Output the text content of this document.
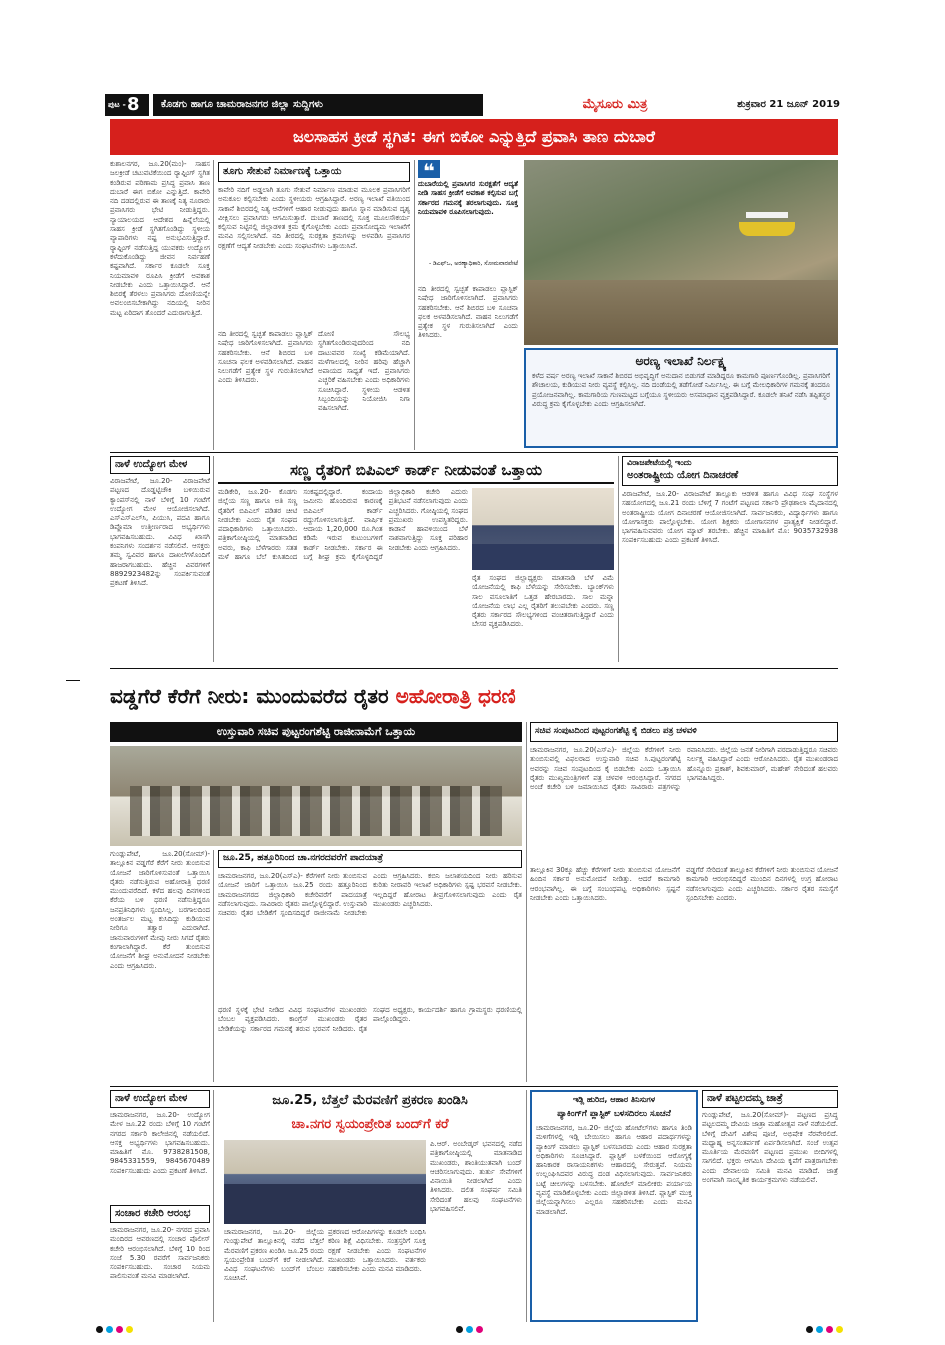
ಪುಟ - 8	ಕೊಡಗು ಹಾಗೂ ಚಾಮರಾಜನಗರ ಜಿಲ್ಲಾ ಸುದ್ದಿಗಳು	ಮೈಸೂರು ಮಿತ್ರ	ಶುಕ್ರವಾರ 21 ಜೂನ್ 2019
ಜಲಸಾಹಸ ಕ್ರೀಡೆ ಸ್ಥಗಿತ: ಈಗ ಬಿಕೋ ಎನ್ನುತ್ತಿದೆ ಪ್ರವಾಸಿ ತಾಣ ದುಬಾರೆ
ಕುಶಾಲನಗರ, ಜೂ.20(ಮಂ)- ಸಾಹಸ ಜಲಕ್ರೀಡೆ ಚಟುವಟಿಕೆಯಿಂದ ರ್‍ಯಾಫ್ಟಿಂಗ್ ಸ್ಥಗಿತ ಕಂಡಿರುವ ಪರಿಣಾಮ ಪ್ರಸಿದ್ಧ ಪ್ರವಾಸಿ ತಾಣ ದುಬಾರೆ ಈಗ ಬಿಕೋ ಎನ್ನುತ್ತಿದೆ. ಕಾವೇರಿ ನದಿ ದಡದಲ್ಲಿರುವ ಈ ತಾಣಕ್ಕೆ ನಿತ್ಯ ನೂರಾರು ಪ್ರವಾಸಿಗರು ಭೇಟಿ ನೀಡುತ್ತಿದ್ದರು. ನ್ಯಾಯಾಲಯದ ಆದೇಶದ ಹಿನ್ನೆಲೆಯಲ್ಲಿ ಸಾಹಸ ಕ್ರೀಡೆ ಸ್ಥಗಿತಗೊಂಡಿದ್ದು ಸ್ಥಳೀಯ ವ್ಯಾಪಾರಿಗಳು ನಷ್ಟ ಅನುಭವಿಸುತ್ತಿದ್ದಾರೆ. ರ್‍ಯಾಫ್ಟಿಂಗ್ ನಡೆಸುತ್ತಿದ್ದ ಯುವಕರು ಉದ್ಯೋಗ ಕಳೆದುಕೊಂಡಿದ್ದು ಜೀವನ ನಿರ್ವಹಣೆ ಕಷ್ಟವಾಗಿದೆ. ಸರ್ಕಾರ ಕೂಡಲೇ ಸೂಕ್ತ ನಿಯಮಾವಳಿ ರೂಪಿಸಿ ಕ್ರೀಡೆಗೆ ಅವಕಾಶ ನೀಡಬೇಕು ಎಂದು ಒತ್ತಾಯಿಸಿದ್ದಾರೆ. ಆನೆ ಶಿಬಿರಕ್ಕೆ ತೆರಳಲು ಪ್ರವಾಸಿಗರು ದೋಣಿಯನ್ನೇ ಅವಲಂಬಿಸಬೇಕಾಗಿದ್ದು ನದಿಯಲ್ಲಿ ನೀರಿನ ಮಟ್ಟ ಏರಿದಾಗ ತೊಂದರೆ ಎದುರಾಗುತ್ತಿದೆ.
ತೂಗು ಸೇತುವೆ ನಿರ್ಮಾಣಕ್ಕೆ ಒತ್ತಾಯ
ಕಾವೇರಿ ನದಿಗೆ ಅಡ್ಡಲಾಗಿ ತೂಗು ಸೇತುವೆ ನಿರ್ಮಾಣ ಮಾಡುವ ಮೂಲಕ ಪ್ರವಾಸಿಗರಿಗೆ ಅನುಕೂಲ ಕಲ್ಪಿಸಬೇಕು ಎಂದು ಸ್ಥಳೀಯರು ಆಗ್ರಹಿಸಿದ್ದಾರೆ. ಅರಣ್ಯ ಇಲಾಖೆ ವತಿಯಿಂದ ಸಾಕಾನೆ ಶಿಬಿರದಲ್ಲಿ ನಿತ್ಯ ಆನೆಗಳಿಗೆ ಆಹಾರ ನೀಡುವುದು ಹಾಗೂ ಸ್ನಾನ ಮಾಡಿಸುವ ದೃಶ್ಯ ವೀಕ್ಷಿಸಲು ಪ್ರವಾಸಿಗರು ಆಗಮಿಸುತ್ತಾರೆ. ದುಬಾರೆ ತಾಣದಲ್ಲಿ ಸೂಕ್ತ ಮೂಲಸೌಕರ್ಯ ಕಲ್ಪಿಸುವ ನಿಟ್ಟಿನಲ್ಲಿ ಜಿಲ್ಲಾಡಳಿತ ಕ್ರಮ ಕೈಗೊಳ್ಳಬೇಕು ಎಂದು ಪ್ರವಾಸೋದ್ಯಮ ಇಲಾಖೆಗೆ ಮನವಿ ಸಲ್ಲಿಸಲಾಗಿದೆ. ನದಿ ತೀರದಲ್ಲಿ ಸುರಕ್ಷತಾ ಕ್ರಮಗಳನ್ನು ಅಳವಡಿಸಿ ಪ್ರವಾಸಿಗರ ರಕ್ಷಣೆಗೆ ಆದ್ಯತೆ ನೀಡಬೇಕು ಎಂದು ಸಂಘಟನೆಗಳು ಒತ್ತಾಯಿಸಿವೆ.
ನದಿ ತೀರದಲ್ಲಿ ಸ್ವಚ್ಛತೆ ಕಾಪಾಡಲು ಪ್ಲಾಸ್ಟಿಕ್ ನಿಷೇಧ ಜಾರಿಗೊಳಿಸಲಾಗಿದೆ. ಪ್ರವಾಸಿಗರು ಸಹಕರಿಸಬೇಕು. ಆನೆ ಶಿಬಿರದ ಬಳಿ ಸೂಚನಾ ಫಲಕ ಅಳವಡಿಸಲಾಗಿದೆ. ವಾಹನ ನಿಲುಗಡೆಗೆ ಪ್ರತ್ಯೇಕ ಸ್ಥಳ ಗುರುತಿಸಲಾಗಿದೆ ಎಂದು ತಿಳಿಸಿದರು.
ದೋಣಿ ಸೌಲಭ್ಯ ಸ್ಥಗಿತಗೊಂಡಿರುವುದರಿಂದ ನದಿ ದಾಟುವವರ ಸಂಖ್ಯೆ ಕಡಿಮೆಯಾಗಿದೆ. ಮಳೆಗಾಲದಲ್ಲಿ ನೀರಿನ ಹರಿವು ಹೆಚ್ಚಾಗಿ ಅಪಾಯದ ಸಾಧ್ಯತೆ ಇದೆ. ಪ್ರವಾಸಿಗರು ಎಚ್ಚರಿಕೆ ವಹಿಸಬೇಕು ಎಂದು ಅಧಿಕಾರಿಗಳು ಸೂಚಿಸಿದ್ದಾರೆ. ಸ್ಥಳೀಯ ಆಡಳಿತ ಸಿಬ್ಬಂದಿಯನ್ನು ನಿಯೋಜಿಸಿ ನಿಗಾ ವಹಿಸಲಾಗಿದೆ.
❝
ದುಬಾರೆಯಲ್ಲಿ ಪ್ರವಾಸಿಗರ ಸುರಕ್ಷತೆಗೆ ಆದ್ಯತೆ ನೀಡಿ ಸಾಹಸ ಕ್ರೀಡೆಗೆ ಅವಕಾಶ ಕಲ್ಪಿಸುವ ಬಗ್ಗೆ ಸರ್ಕಾರದ ಗಮನಕ್ಕೆ ತರಲಾಗುವುದು. ಸೂಕ್ತ ನಿಯಮಾವಳಿ ರೂಪಿಸಲಾಗುವುದು.
- ಡಿಎಫ್‌ಒ, ಅರಣ್ಯಾಧಿಕಾರಿ, ಸೋಮವಾರಪೇಟೆ
ನದಿ ತೀರದಲ್ಲಿ ಸ್ವಚ್ಛತೆ ಕಾಪಾಡಲು ಪ್ಲಾಸ್ಟಿಕ್ ನಿಷೇಧ ಜಾರಿಗೊಳಿಸಲಾಗಿದೆ. ಪ್ರವಾಸಿಗರು ಸಹಕರಿಸಬೇಕು. ಆನೆ ಶಿಬಿರದ ಬಳಿ ಸೂಚನಾ ಫಲಕ ಅಳವಡಿಸಲಾಗಿದೆ. ವಾಹನ ನಿಲುಗಡೆಗೆ ಪ್ರತ್ಯೇಕ ಸ್ಥಳ ಗುರುತಿಸಲಾಗಿದೆ ಎಂದು ತಿಳಿಸಿದರು.
ಅರಣ್ಯ ಇಲಾಖೆ ನಿರ್ಲಕ್ಷ್ಯ
ಕಳೆದ ವರ್ಷ ಅರಣ್ಯ ಇಲಾಖೆ ಸಾಕಾನೆ ಶಿಬಿರದ ಅಭಿವೃದ್ಧಿಗೆ ಅನುದಾನ ಬಿಡುಗಡೆ ಮಾಡಿದ್ದರೂ ಕಾಮಗಾರಿ ಪೂರ್ಣಗೊಂಡಿಲ್ಲ. ಪ್ರವಾಸಿಗರಿಗೆ ಶೌಚಾಲಯ, ಕುಡಿಯುವ ನೀರು ವ್ಯವಸ್ಥೆ ಕಲ್ಪಿಸಿಲ್ಲ. ನದಿ ದಂಡೆಯಲ್ಲಿ ತಡೆಗೋಡೆ ನಿರ್ಮಿಸಿಲ್ಲ. ಈ ಬಗ್ಗೆ ಮೇಲಧಿಕಾರಿಗಳ ಗಮನಕ್ಕೆ ತಂದರೂ ಪ್ರಯೋಜನವಾಗಿಲ್ಲ. ಕಾಮಗಾರಿಯ ಗುಣಮಟ್ಟದ ಬಗ್ಗೆಯೂ ಸ್ಥಳೀಯರು ಅಸಮಾಧಾನ ವ್ಯಕ್ತಪಡಿಸಿದ್ದಾರೆ. ಕೂಡಲೇ ತನಿಖೆ ನಡೆಸಿ ತಪ್ಪಿತಸ್ಥರ ವಿರುದ್ಧ ಕ್ರಮ ಕೈಗೊಳ್ಳಬೇಕು ಎಂದು ಆಗ್ರಹಿಸಲಾಗಿದೆ.
ನಾಳೆ ಉದ್ಯೋಗ ಮೇಳ
ವಿರಾಜಪೇಟೆ, ಜೂ.20- ವಿರಾಜಪೇಟೆ ಪಟ್ಟಣದ ದೊಡ್ಡಟ್ಟಿಚೌಕಿ ಬಳಿಯಿರುವ ಕ್ಯಾಂಪಸ್‌ನಲ್ಲಿ ನಾಳೆ ಬೆಳಿಗ್ಗೆ 10 ಗಂಟೆಗೆ ಉದ್ಯೋಗ ಮೇಳ ಆಯೋಜಿಸಲಾಗಿದೆ. ಎಸ್‌ಎಸ್‌ಎಲ್‌ಸಿ, ಪಿಯುಸಿ, ಪದವಿ ಹಾಗೂ ಡಿಪ್ಲೊಮಾ ಉತ್ತೀರ್ಣರಾದ ಅಭ್ಯರ್ಥಿಗಳು ಭಾಗವಹಿಸಬಹುದು. ವಿವಿಧ ಖಾಸಗಿ ಕಂಪನಿಗಳು ಸಂದರ್ಶನ ನಡೆಸಲಿವೆ. ಆಸಕ್ತರು ತಮ್ಮ ಸ್ವವಿವರ ಹಾಗೂ ದಾಖಲೆಗಳೊಂದಿಗೆ ಹಾಜರಾಗಬಹುದು. ಹೆಚ್ಚಿನ ವಿವರಗಳಿಗೆ 8892923482ನ್ನು ಸಂಪರ್ಕಿಸುವಂತೆ ಪ್ರಕಟಣೆ ತಿಳಿಸಿದೆ.
ಸಣ್ಣ ರೈತರಿಗೆ ಬಿಪಿಎಲ್ ಕಾರ್ಡ್ ನೀಡುವಂತೆ ಒತ್ತಾಯ
ಮಡಿಕೇರಿ, ಜೂ.20- ಕೊಡಗು ಜಿಲ್ಲೆಯ ಸಣ್ಣ ಹಾಗೂ ಅತಿ ಸಣ್ಣ ರೈತರಿಗೆ ಬಿಪಿಎಲ್ ಪಡಿತರ ಚೀಟಿ ನೀಡಬೇಕು ಎಂದು ರೈತ ಸಂಘದ ಪದಾಧಿಕಾರಿಗಳು ಒತ್ತಾಯಿಸಿದರು. ಪತ್ರಿಕಾಗೋಷ್ಠಿಯಲ್ಲಿ ಮಾತನಾಡಿದ ಅವರು, ಕಾಫಿ ಬೆಳೆಗಾರರು ಸತತ ಮಳೆ ಹಾಗೂ ಬೆಲೆ ಕುಸಿತದಿಂದ ಸಂಕಷ್ಟದಲ್ಲಿದ್ದಾರೆ. ಕಂದಾಯ ಜಮೀನು ಹೊಂದಿರುವ ಕಾರಣಕ್ಕೆ ಬಿಪಿಎಲ್ ಕಾರ್ಡ್ ರದ್ದುಗೊಳಿಸಲಾಗುತ್ತಿದೆ. ವಾರ್ಷಿಕ ಆದಾಯ 1,20,000 ರೂ.ಗಿಂತ ಕಡಿಮೆ ಇರುವ ಕುಟುಂಬಗಳಿಗೆ ಕಾರ್ಡ್ ನೀಡಬೇಕು. ಸರ್ಕಾರ ಈ ಬಗ್ಗೆ ಶೀಘ್ರ ಕ್ರಮ ಕೈಗೊಳ್ಳದಿದ್ದರೆ ಜಿಲ್ಲಾಧಿಕಾರಿ ಕಚೇರಿ ಎದುರು ಪ್ರತಿಭಟನೆ ನಡೆಸಲಾಗುವುದು ಎಂದು ಎಚ್ಚರಿಸಿದರು. ಗೋಷ್ಠಿಯಲ್ಲಿ ಸಂಘದ ಪ್ರಮುಖರು ಉಪಸ್ಥಿತರಿದ್ದರು. ಕಾಡಾನೆ ಹಾವಳಿಯಿಂದ ಬೆಳೆ ನಾಶವಾಗುತ್ತಿದ್ದು ಸೂಕ್ತ ಪರಿಹಾರ ನೀಡಬೇಕು ಎಂದು ಆಗ್ರಹಿಸಿದರು.
ರೈತ ಸಂಘದ ಜಿಲ್ಲಾಧ್ಯಕ್ಷರು ಮಾತನಾಡಿ ಬೆಳೆ ವಿಮೆ ಯೋಜನೆಯಲ್ಲಿ ಕಾಫಿ ಬೆಳೆಯನ್ನು ಸೇರಿಸಬೇಕು. ಬ್ಯಾಂಕ್‌ಗಳು ಸಾಲ ವಸೂಲಾತಿಗೆ ಒತ್ತಡ ಹೇರಬಾರದು. ಸಾಲ ಮನ್ನಾ ಯೋಜನೆಯ ಲಾಭ ಎಲ್ಲ ರೈತರಿಗೆ ತಲುಪಬೇಕು ಎಂದರು. ಸಣ್ಣ ರೈತರು ಸರ್ಕಾರದ ಸೌಲಭ್ಯಗಳಿಂದ ವಂಚಿತರಾಗುತ್ತಿದ್ದಾರೆ ಎಂದು ಬೇಸರ ವ್ಯಕ್ತಪಡಿಸಿದರು.
ವಿರಾಜಪೇಟೆಯಲ್ಲಿ ಇಂದು
ಅಂತರಾಷ್ಟ್ರೀಯ ಯೋಗ ದಿನಾಚರಣೆ
ವಿರಾಜಪೇಟೆ, ಜೂ.20- ವಿರಾಜಪೇಟೆ ತಾಲ್ಲೂಕು ಆಡಳಿತ ಹಾಗೂ ವಿವಿಧ ಸಂಘ ಸಂಸ್ಥೆಗಳ ಸಹಯೋಗದಲ್ಲಿ ಜೂ.21 ರಂದು ಬೆಳಿಗ್ಗೆ 7 ಗಂಟೆಗೆ ಪಟ್ಟಣದ ಸರ್ಕಾರಿ ಪ್ರೌಢಶಾಲಾ ಮೈದಾನದಲ್ಲಿ ಅಂತರಾಷ್ಟ್ರೀಯ ಯೋಗ ದಿನಾಚರಣೆ ಆಯೋಜಿಸಲಾಗಿದೆ. ಸಾರ್ವಜನಿಕರು, ವಿದ್ಯಾರ್ಥಿಗಳು ಹಾಗೂ ಯೋಗಾಸಕ್ತರು ಪಾಲ್ಗೊಳ್ಳಬೇಕು. ಯೋಗ ಶಿಕ್ಷಕರು ಯೋಗಾಸನಗಳ ಪ್ರಾತ್ಯಕ್ಷಿಕೆ ನೀಡಲಿದ್ದಾರೆ. ಭಾಗವಹಿಸುವವರು ಯೋಗ ಮ್ಯಾಟ್ ತರಬೇಕು. ಹೆಚ್ಚಿನ ಮಾಹಿತಿಗೆ ಮೊ: 9035732938 ಸಂಪರ್ಕಿಸಬಹುದು ಎಂದು ಪ್ರಕಟಣೆ ತಿಳಿಸಿದೆ.
ವಡ್ಡಗೆರೆ ಕೆರೆಗೆ ನೀರು: ಮುಂದುವರೆದ ರೈತರ ಅಹೋರಾತ್ರಿ ಧರಣಿ
ಉಸ್ತುವಾರಿ ಸಚಿವ ಪುಟ್ಟರಂಗಶೆಟ್ಟಿ ರಾಜೀನಾಮೆಗೆ ಒತ್ತಾಯ
ಗುಂಡ್ಲುಪೇಟೆ, ಜೂ.20(ಸೋಮ್)- ತಾಲ್ಲೂಕಿನ ವಡ್ಡಗೆರೆ ಕೆರೆಗೆ ನೀರು ತುಂಬಿಸುವ ಯೋಜನೆ ಜಾರಿಗೊಳಿಸುವಂತೆ ಒತ್ತಾಯಿಸಿ ರೈತರು ನಡೆಸುತ್ತಿರುವ ಅಹೋರಾತ್ರಿ ಧರಣಿ ಮುಂದುವರೆದಿದೆ. ಕಳೆದ ಹಲವು ದಿನಗಳಿಂದ ಕೆರೆಯ ಬಳಿ ಧರಣಿ ನಡೆಸುತ್ತಿದ್ದರೂ ಜನಪ್ರತಿನಿಧಿಗಳು ಸ್ಪಂದಿಸಿಲ್ಲ. ಬರಗಾಲದಿಂದ ಅಂತರ್ಜಲ ಮಟ್ಟ ಕುಸಿದಿದ್ದು ಕುಡಿಯುವ ನೀರಿಗೂ ತತ್ವಾರ ಎದುರಾಗಿದೆ. ಜಾನುವಾರುಗಳಿಗೆ ಮೇವು ನೀರು ಸಿಗದೆ ರೈತರು ಕಂಗಾಲಾಗಿದ್ದಾರೆ. ಕೆರೆ ತುಂಬಿಸುವ ಯೋಜನೆಗೆ ಶೀಘ್ರ ಅನುಮೋದನೆ ನೀಡಬೇಕು ಎಂದು ಆಗ್ರಹಿಸಿದರು.
ಜೂ.25, ಹತ್ತೂರಿನಿಂದ ಚಾ.ನಗರದವರೆಗೆ ಪಾದಯಾತ್ರೆ
ಚಾಮರಾಜನಗರ, ಜೂ.20(ಎಸ್‌ಎ)- ಕೆರೆಗಳಿಗೆ ನೀರು ತುಂಬಿಸುವ ಯೋಜನೆ ಜಾರಿಗೆ ಒತ್ತಾಯಿಸಿ ಜೂ.25 ರಂದು ಹತ್ತೂರಿನಿಂದ ಚಾಮರಾಜನಗರದ ಜಿಲ್ಲಾಧಿಕಾರಿ ಕಚೇರಿವರೆಗೆ ಪಾದಯಾತ್ರೆ ನಡೆಸಲಾಗುವುದು. ಸಾವಿರಾರು ರೈತರು ಪಾಲ್ಗೊಳ್ಳಲಿದ್ದಾರೆ. ಉಸ್ತುವಾರಿ ಸಚಿವರು ರೈತರ ಬೇಡಿಕೆಗೆ ಸ್ಪಂದಿಸದಿದ್ದರೆ ರಾಜೀನಾಮೆ ನೀಡಬೇಕು ಎಂದು ಆಗ್ರಹಿಸಿದರು. ಕಬಿನಿ ಜಲಾಶಯದಿಂದ ನೀರು ಹರಿಸುವ ಕುರಿತು ನೀರಾವರಿ ಇಲಾಖೆ ಅಧಿಕಾರಿಗಳು ಸ್ಪಷ್ಟ ಭರವಸೆ ನೀಡಬೇಕು. ಇಲ್ಲದಿದ್ದರೆ ಹೋರಾಟ ತೀವ್ರಗೊಳಿಸಲಾಗುವುದು ಎಂದು ರೈತ ಮುಖಂಡರು ಎಚ್ಚರಿಸಿದರು.
ಧರಣಿ ಸ್ಥಳಕ್ಕೆ ಭೇಟಿ ನೀಡಿದ ವಿವಿಧ ಸಂಘಟನೆಗಳ ಮುಖಂಡರು ಬೆಂಬಲ ವ್ಯಕ್ತಪಡಿಸಿದರು. ಕಾಂಗ್ರೆಸ್ ಮುಖಂಡರು ರೈತರ ಬೇಡಿಕೆಯನ್ನು ಸರ್ಕಾರದ ಗಮನಕ್ಕೆ ತರುವ ಭರವಸೆ ನೀಡಿದರು. ರೈತ ಸಂಘದ ಅಧ್ಯಕ್ಷರು, ಕಾರ್ಯದರ್ಶಿ ಹಾಗೂ ಗ್ರಾಮಸ್ಥರು ಧರಣಿಯಲ್ಲಿ ಪಾಲ್ಗೊಂಡಿದ್ದರು.
ಸಚಿವ ಸಂಪುಟದಿಂದ ಪುಟ್ಟರಂಗಶೆಟ್ಟಿ ಕೈ ಬಿಡಲು ಪತ್ರ ಚಳವಳಿ
ಚಾಮರಾಜನಗರ, ಜೂ.20(ಎಸ್‌ಎ)- ಜಿಲ್ಲೆಯ ಕೆರೆಗಳಿಗೆ ನೀರು ತುಂಬಿಸುವಲ್ಲಿ ವಿಫಲರಾದ ಉಸ್ತುವಾರಿ ಸಚಿವ ಸಿ.ಪುಟ್ಟರಂಗಶೆಟ್ಟಿ ಅವರನ್ನು ಸಚಿವ ಸಂಪುಟದಿಂದ ಕೈ ಬಿಡಬೇಕು ಎಂದು ಒತ್ತಾಯಿಸಿ ರೈತರು ಮುಖ್ಯಮಂತ್ರಿಗಳಿಗೆ ಪತ್ರ ಚಳವಳಿ ಆರಂಭಿಸಿದ್ದಾರೆ. ನಗರದ ಅಂಚೆ ಕಚೇರಿ ಬಳಿ ಜಮಾಯಿಸಿದ ರೈತರು ಸಾವಿರಾರು ಪತ್ರಗಳನ್ನು ರವಾನಿಸಿದರು. ಜಿಲ್ಲೆಯ ಜನತೆ ನೀರಿಗಾಗಿ ಪರದಾಡುತ್ತಿದ್ದರೂ ಸಚಿವರು ನಿರ್ಲಕ್ಷ್ಯ ವಹಿಸಿದ್ದಾರೆ ಎಂದು ಆರೋಪಿಸಿದರು. ರೈತ ಮುಖಂಡರಾದ ಹೊನ್ನೂರು ಪ್ರಕಾಶ್, ಶಿವಕುಮಾರ್, ಮಹೇಶ್ ಸೇರಿದಂತೆ ಹಲವರು ಭಾಗವಹಿಸಿದ್ದರು.
ತಾಲ್ಲೂಕಿನ 30ಕ್ಕೂ ಹೆಚ್ಚು ಕೆರೆಗಳಿಗೆ ನೀರು ತುಂಬಿಸುವ ಯೋಜನೆಗೆ ಹಿಂದಿನ ಸರ್ಕಾರ ಅನುಮೋದನೆ ನೀಡಿತ್ತು. ಆದರೆ ಕಾಮಗಾರಿ ಆರಂಭವಾಗಿಲ್ಲ. ಈ ಬಗ್ಗೆ ಸಂಬಂಧಪಟ್ಟ ಅಧಿಕಾರಿಗಳು ಸ್ಪಷ್ಟನೆ ನೀಡಬೇಕು ಎಂದು ಒತ್ತಾಯಿಸಿದರು.
ವಡ್ಡಗೆರೆ ಸೇರಿದಂತೆ ತಾಲ್ಲೂಕಿನ ಕೆರೆಗಳಿಗೆ ನೀರು ತುಂಬಿಸುವ ಯೋಜನೆ ಕಾಮಗಾರಿ ಆರಂಭಿಸದಿದ್ದರೆ ಮುಂದಿನ ದಿನಗಳಲ್ಲಿ ಉಗ್ರ ಹೋರಾಟ ನಡೆಸಲಾಗುವುದು ಎಂದು ಎಚ್ಚರಿಸಿದರು. ಸರ್ಕಾರ ರೈತರ ಸಮಸ್ಯೆಗೆ ಸ್ಪಂದಿಸಬೇಕು ಎಂದರು.
ನಾಳೆ ಉದ್ಯೋಗ ಮೇಳ
ಚಾಮರಾಜನಗರ, ಜೂ.20- ಉದ್ಯೋಗ ಮೇಳ ಜೂ.22 ರಂದು ಬೆಳಿಗ್ಗೆ 10 ಗಂಟೆಗೆ ನಗರದ ಸರ್ಕಾರಿ ಕಾಲೇಜಿನಲ್ಲಿ ನಡೆಯಲಿದೆ. ಆಸಕ್ತ ಅಭ್ಯರ್ಥಿಗಳು ಭಾಗವಹಿಸಬಹುದು. ಮಾಹಿತಿಗೆ ಮೊ. 9738281508, 9845331559, 9845670489 ಸಂಪರ್ಕಿಸಬಹುದು ಎಂದು ಪ್ರಕಟಣೆ ತಿಳಿಸಿದೆ.
ಸಂಚಾರ ಕಚೇರಿ ಆರಂಭ
ಚಾಮರಾಜನಗರ, ಜೂ.20- ನಗರದ ಪ್ರವಾಸಿ ಮಂದಿರದ ಆವರಣದಲ್ಲಿ ಸಂಚಾರ ಪೊಲೀಸ್ ಕಚೇರಿ ಆರಂಭಿಸಲಾಗಿದೆ. ಬೆಳಿಗ್ಗೆ 10 ರಿಂದ ಸಂಜೆ 5.30 ರವರೆಗೆ ಸಾರ್ವಜನಿಕರು ಸಂಪರ್ಕಿಸಬಹುದು. ಸಂಚಾರ ನಿಯಮ ಪಾಲಿಸುವಂತೆ ಮನವಿ ಮಾಡಲಾಗಿದೆ.
ಜೂ.25, ಬೆತ್ತಲೆ ಮೆರವಣಿಗೆ ಪ್ರಕರಣ ಖಂಡಿಸಿ
ಚಾ.ನಗರ ಸ್ವಯಂಪ್ರೇರಿತ ಬಂದ್‌ಗೆ ಕರೆ
ಚಾಮರಾಜನಗರ, ಜೂ.20- ಜಿಲ್ಲೆಯ ಗುಂಡ್ಲುಪೇಟೆ ತಾಲ್ಲೂಕಿನಲ್ಲಿ ನಡೆದ ಬೆತ್ತಲೆ ಮೆರವಣಿಗೆ ಪ್ರಕರಣ ಖಂಡಿಸಿ ಜೂ.25 ರಂದು ಸ್ವಯಂಪ್ರೇರಿತ ಬಂದ್‌ಗೆ ಕರೆ ನೀಡಲಾಗಿದೆ. ವಿವಿಧ ಸಂಘಟನೆಗಳು ಬಂದ್‌ಗೆ ಬೆಂಬಲ ಸೂಚಿಸಿವೆ.
ಪ್ರಕರಣದ ಆರೋಪಿಗಳನ್ನು ಕೂಡಲೇ ಬಂಧಿಸಿ ಕಠಿಣ ಶಿಕ್ಷೆ ವಿಧಿಸಬೇಕು. ಸಂತ್ರಸ್ತರಿಗೆ ಸೂಕ್ತ ರಕ್ಷಣೆ ನೀಡಬೇಕು ಎಂದು ಸಂಘಟನೆಗಳ ಮುಖಂಡರು ಒತ್ತಾಯಿಸಿದರು. ವರ್ತಕರು ಸಹಕರಿಸಬೇಕು ಎಂದು ಮನವಿ ಮಾಡಿದರು.
ಪಿ.ಆರ್. ಅಂಬೇಡ್ಕರ್ ಭವನದಲ್ಲಿ ನಡೆದ ಪತ್ರಿಕಾಗೋಷ್ಠಿಯಲ್ಲಿ ಮಾತನಾಡಿದ ಮುಖಂಡರು, ಶಾಂತಿಯುತವಾಗಿ ಬಂದ್ ಆಚರಿಸಲಾಗುವುದು. ತುರ್ತು ಸೇವೆಗಳಿಗೆ ವಿನಾಯಿತಿ ನೀಡಲಾಗಿದೆ ಎಂದು ತಿಳಿಸಿದರು. ದಲಿತ ಸಂಘರ್ಷ ಸಮಿತಿ ಸೇರಿದಂತೆ ಹಲವು ಸಂಘಟನೆಗಳು ಭಾಗವಹಿಸಲಿವೆ.
ಇಡ್ಲಿ ಹುರಿದ, ಆಹಾರ ತಿನಿಸುಗಳ
ಪ್ಯಾಕಿಂಗ್‌ಗೆ ಪ್ಲಾಸ್ಟಿಕ್ ಬಳಸದಿರಲು ಸೂಚನೆ
ಚಾಮರಾಜನಗರ, ಜೂ.20- ಜಿಲ್ಲೆಯ ಹೋಟೆಲ್‌ಗಳು ಹಾಗೂ ತಿಂಡಿ ಮಳಿಗೆಗಳಲ್ಲಿ ಇಡ್ಲಿ ಬೇಯಿಸಲು ಹಾಗೂ ಆಹಾರ ಪದಾರ್ಥಗಳನ್ನು ಪ್ಯಾಕಿಂಗ್ ಮಾಡಲು ಪ್ಲಾಸ್ಟಿಕ್ ಬಳಸಬಾರದು ಎಂದು ಆಹಾರ ಸುರಕ್ಷತಾ ಅಧಿಕಾರಿಗಳು ಸೂಚಿಸಿದ್ದಾರೆ. ಪ್ಲಾಸ್ಟಿಕ್ ಬಳಕೆಯಿಂದ ಆರೋಗ್ಯಕ್ಕೆ ಹಾನಿಕಾರಕ ರಾಸಾಯನಿಕಗಳು ಆಹಾರದಲ್ಲಿ ಸೇರುತ್ತವೆ. ನಿಯಮ ಉಲ್ಲಂಘಿಸಿದವರ ವಿರುದ್ಧ ದಂಡ ವಿಧಿಸಲಾಗುವುದು. ಸಾರ್ವಜನಿಕರು ಬಟ್ಟೆ ಚೀಲಗಳನ್ನು ಬಳಸಬೇಕು. ಹೋಟೆಲ್ ಮಾಲೀಕರು ಪರ್ಯಾಯ ವ್ಯವಸ್ಥೆ ಮಾಡಿಕೊಳ್ಳಬೇಕು ಎಂದು ಜಿಲ್ಲಾಡಳಿತ ತಿಳಿಸಿದೆ. ಪ್ಲಾಸ್ಟಿಕ್ ಮುಕ್ತ ಜಿಲ್ಲೆಯನ್ನಾಗಿಸಲು ಎಲ್ಲರೂ ಸಹಕರಿಸಬೇಕು ಎಂದು ಮನವಿ ಮಾಡಲಾಗಿದೆ.
ನಾಳೆ ಪಟ್ಟಲದಮ್ಮ ಜಾತ್ರೆ
ಗುಂಡ್ಲುಪೇಟೆ, ಜೂ.20(ಸೋಮ್)- ಪಟ್ಟಣದ ಪ್ರಸಿದ್ಧ ಪಟ್ಟಲದಮ್ಮ ದೇವಿಯ ಜಾತ್ರಾ ಮಹೋತ್ಸವ ನಾಳೆ ನಡೆಯಲಿದೆ. ಬೆಳಿಗ್ಗೆ ದೇವಿಗೆ ವಿಶೇಷ ಪೂಜೆ, ಅಭಿಷೇಕ ನೆರವೇರಲಿದೆ. ಮಧ್ಯಾಹ್ನ ಅನ್ನಸಂತರ್ಪಣೆ ಏರ್ಪಡಿಸಲಾಗಿದೆ. ಸಂಜೆ ಉತ್ಸವ ಮೂರ್ತಿಯ ಮೆರವಣಿಗೆ ಪಟ್ಟಣದ ಪ್ರಮುಖ ಬೀದಿಗಳಲ್ಲಿ ಸಾಗಲಿದೆ. ಭಕ್ತರು ಆಗಮಿಸಿ ದೇವಿಯ ಕೃಪೆಗೆ ಪಾತ್ರರಾಗಬೇಕು ಎಂದು ದೇವಾಲಯ ಸಮಿತಿ ಮನವಿ ಮಾಡಿದೆ. ಜಾತ್ರೆ ಅಂಗವಾಗಿ ಸಾಂಸ್ಕೃತಿಕ ಕಾರ್ಯಕ್ರಮಗಳು ನಡೆಯಲಿವೆ.
